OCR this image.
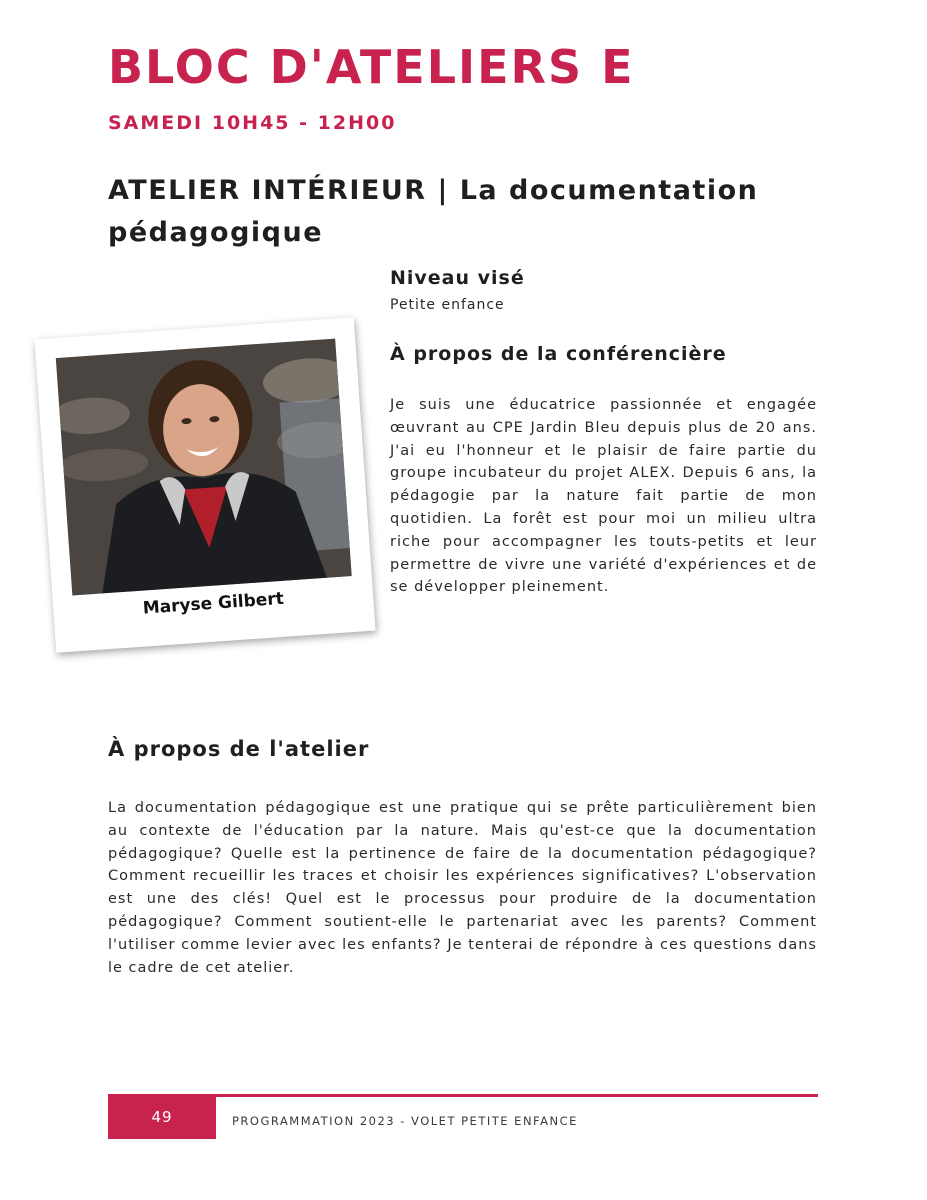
BLOC D'ATELIERS E
SAMEDI 10H45 - 12H00
ATELIER INTÉRIEUR | La documentation pédagogique
Niveau visé

Petite enfance

Maryse Gilbert
À propos de la conférencière

Je suis une éducatrice passionnée et engagée œuvrant au CPE Jardin Bleu depuis plus de 20 ans. J'ai eu l'honneur et le plaisir de faire partie du groupe incubateur du projet ALEX. Depuis 6 ans, la pédagogie par la nature fait partie de mon quotidien. La forêt est pour moi un milieu ultra riche pour accompagner les touts-petits et leur permettre de vivre une variété d'expériences et de se développer pleinement.

À propos de l'atelier

La documentation pédagogique est une pratique qui se prête particulièrement bien au contexte de l'éducation par la nature. Mais qu'est-ce que la documentation pédagogique? Quelle est la pertinence de faire de la documentation pédagogique? Comment recueillir les traces et choisir les expériences significatives? L'observation est une des clés! Quel est le processus pour produire de la documentation pédagogique? Comment soutient-elle le partenariat avec les parents? Comment l'utiliser comme levier avec les enfants? Je tenterai de répondre à ces questions dans le cadre de cet atelier.

49	PROGRAMMATION 2023 - VOLET PETITE ENFANCE
